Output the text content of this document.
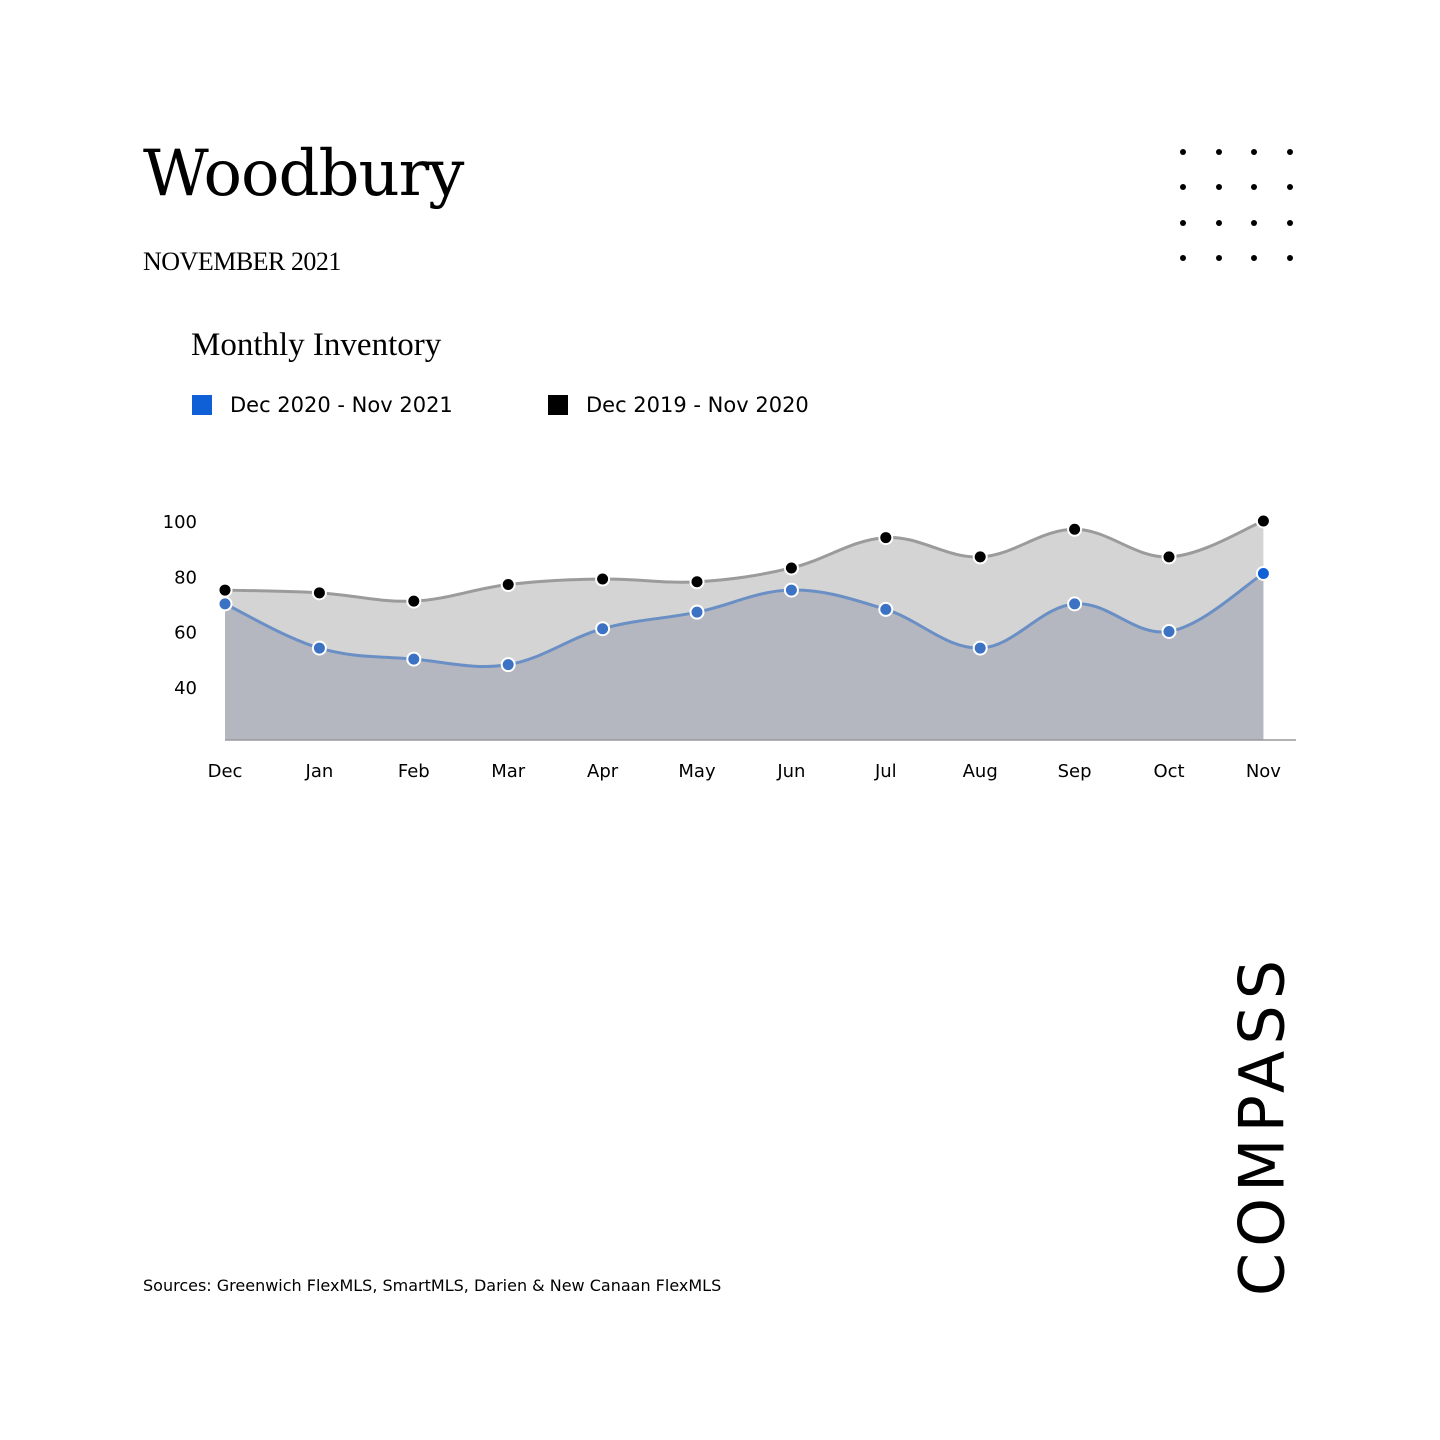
Woodbury
NOVEMBER 2021
Monthly Inventory
Dec 2020 - Nov 2021	Dec 2019 - Nov 2020
40
60
80
100
Dec	Jan	Feb	Mar	Apr	May	Jun	Jul	Aug	Sep	Oct	Nov
Sources: Greenwich FlexMLS, SmartMLS, Darien & New Canaan FlexMLS	COMPASS
